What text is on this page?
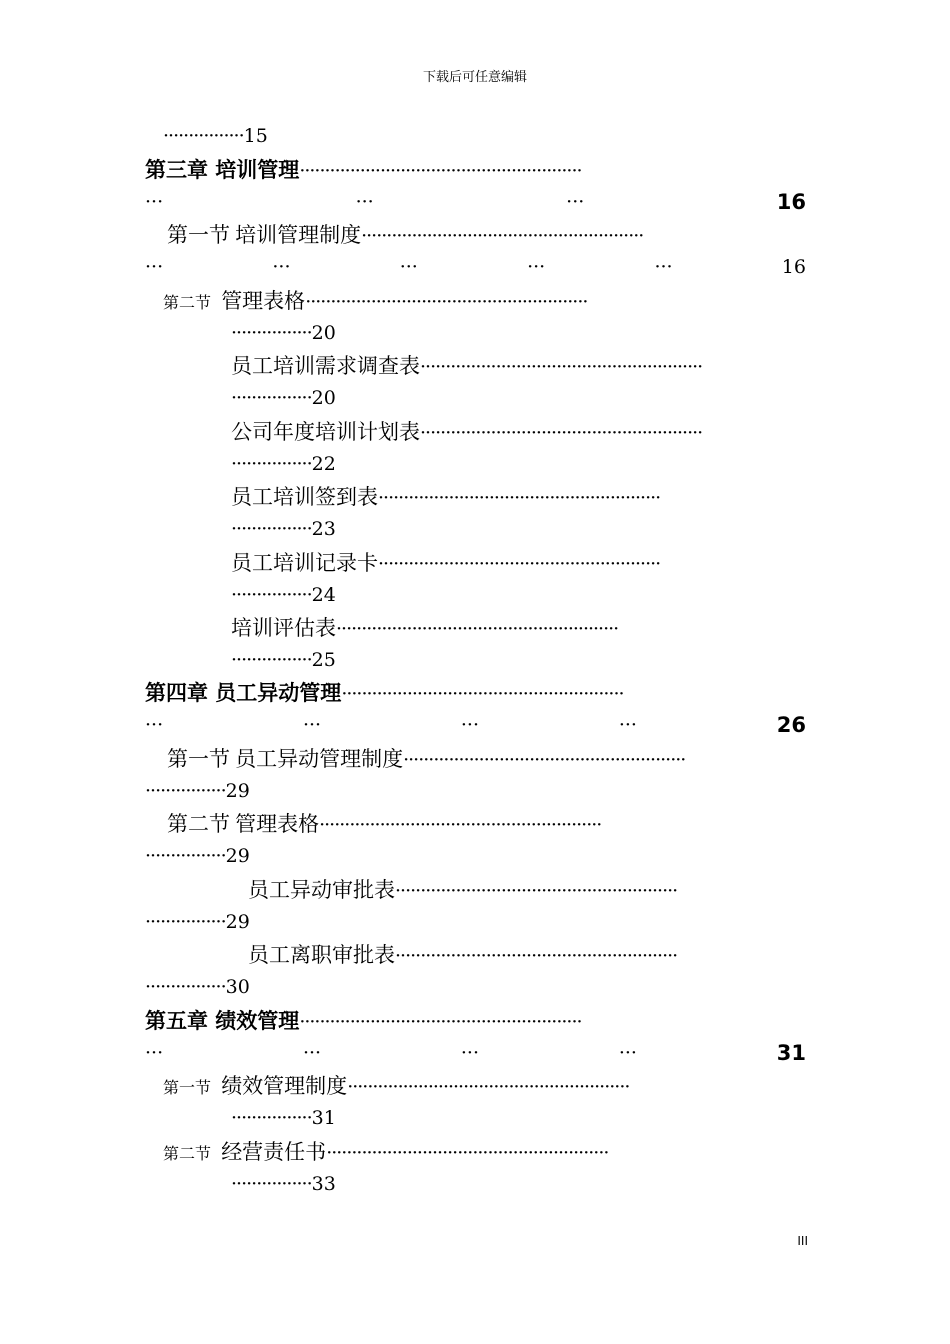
下载后可任意编辑
················15
第三章 培训管理························································
···	···	···	16
第一节 培训管理制度························································
···	···	···	···	···	16
第二节 管理表格························································
················20
员工培训需求调查表························································
················20
公司年度培训计划表························································
················22
员工培训签到表························································
················23
员工培训记录卡························································
················24
培训评估表························································
················25
第四章 员工异动管理························································
···	···	···	···	26
第一节 员工异动管理制度························································
················29
第二节 管理表格························································
················29
员工异动审批表························································
················29
员工离职审批表························································
················30
第五章 绩效管理························································
···	···	···	···	31
第一节 绩效管理制度························································
················31
第二节 经营责任书························································
················33
III
